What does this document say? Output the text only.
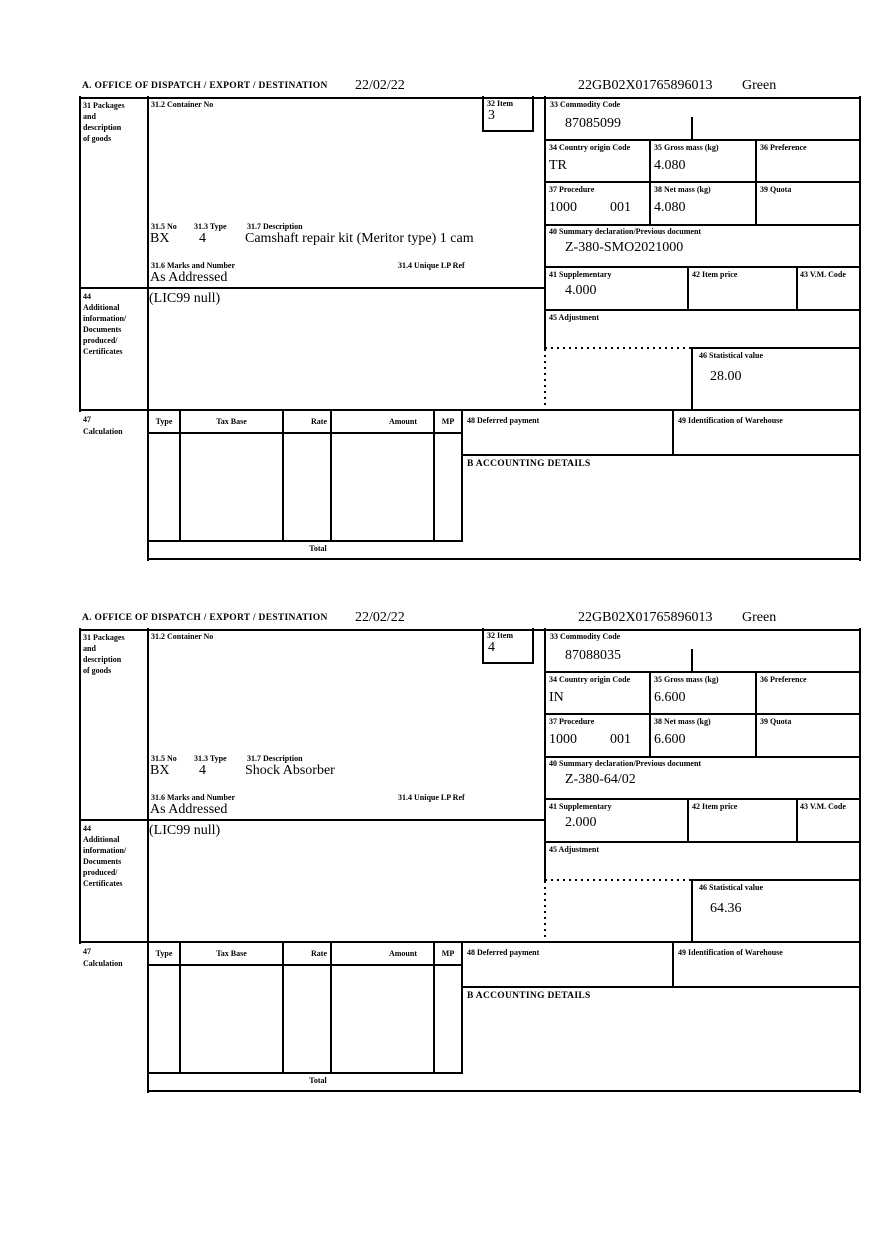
A. OFFICE OF DISPATCH / EXPORT / DESTINATION 22/02/22	22GB02X01765896013 Green
31 Packages
and
description
of goods
31.2 Container No	32 Item
3
33 Commodity Code
87085099
34 Country origin Code
TR
35 Gross mass (kg)
4.080
36 Preference
37 Procedure
1000 001
38 Net mass (kg)
4.080
39 Quota
40 Summary declaration/Previous document
Z-380-SMO2021000
41 Supplementary
4.000
42 Item price	43 V.M. Code
45 Adjustment
46 Statistical value
28.00
31.5 No 31.3 Type	31.7 Description
BX 4	Camshaft repair kit (Meritor type) 1 cam
31.6 Marks and Number	31.4 Unique LP Ref
As Addressed
44
Additional
information/
Documents
produced/
Certificates
(LIC99 null)
47
Calculation
Type	Tax Base	Rate	Amount	MP
Total
48 Deferred payment	49 Identification of Warehouse
B ACCOUNTING DETAILS
A. OFFICE OF DISPATCH / EXPORT / DESTINATION 22/02/22	22GB02X01765896013 Green
31 Packages
and
description
of goods
31.2 Container No	32 Item
4
33 Commodity Code
87088035
34 Country origin Code
IN
35 Gross mass (kg)
6.600
36 Preference
37 Procedure
1000 001
38 Net mass (kg)
6.600
39 Quota
40 Summary declaration/Previous document
Z-380-64/02
41 Supplementary
2.000
42 Item price	43 V.M. Code
45 Adjustment
46 Statistical value
64.36
31.5 No 31.3 Type	31.7 Description
BX 4	Shock Absorber
31.6 Marks and Number	31.4 Unique LP Ref
As Addressed
44
Additional
information/
Documents
produced/
Certificates
(LIC99 null)
47
Calculation
Type	Tax Base	Rate	Amount	MP
Total
48 Deferred payment	49 Identification of Warehouse
B ACCOUNTING DETAILS
